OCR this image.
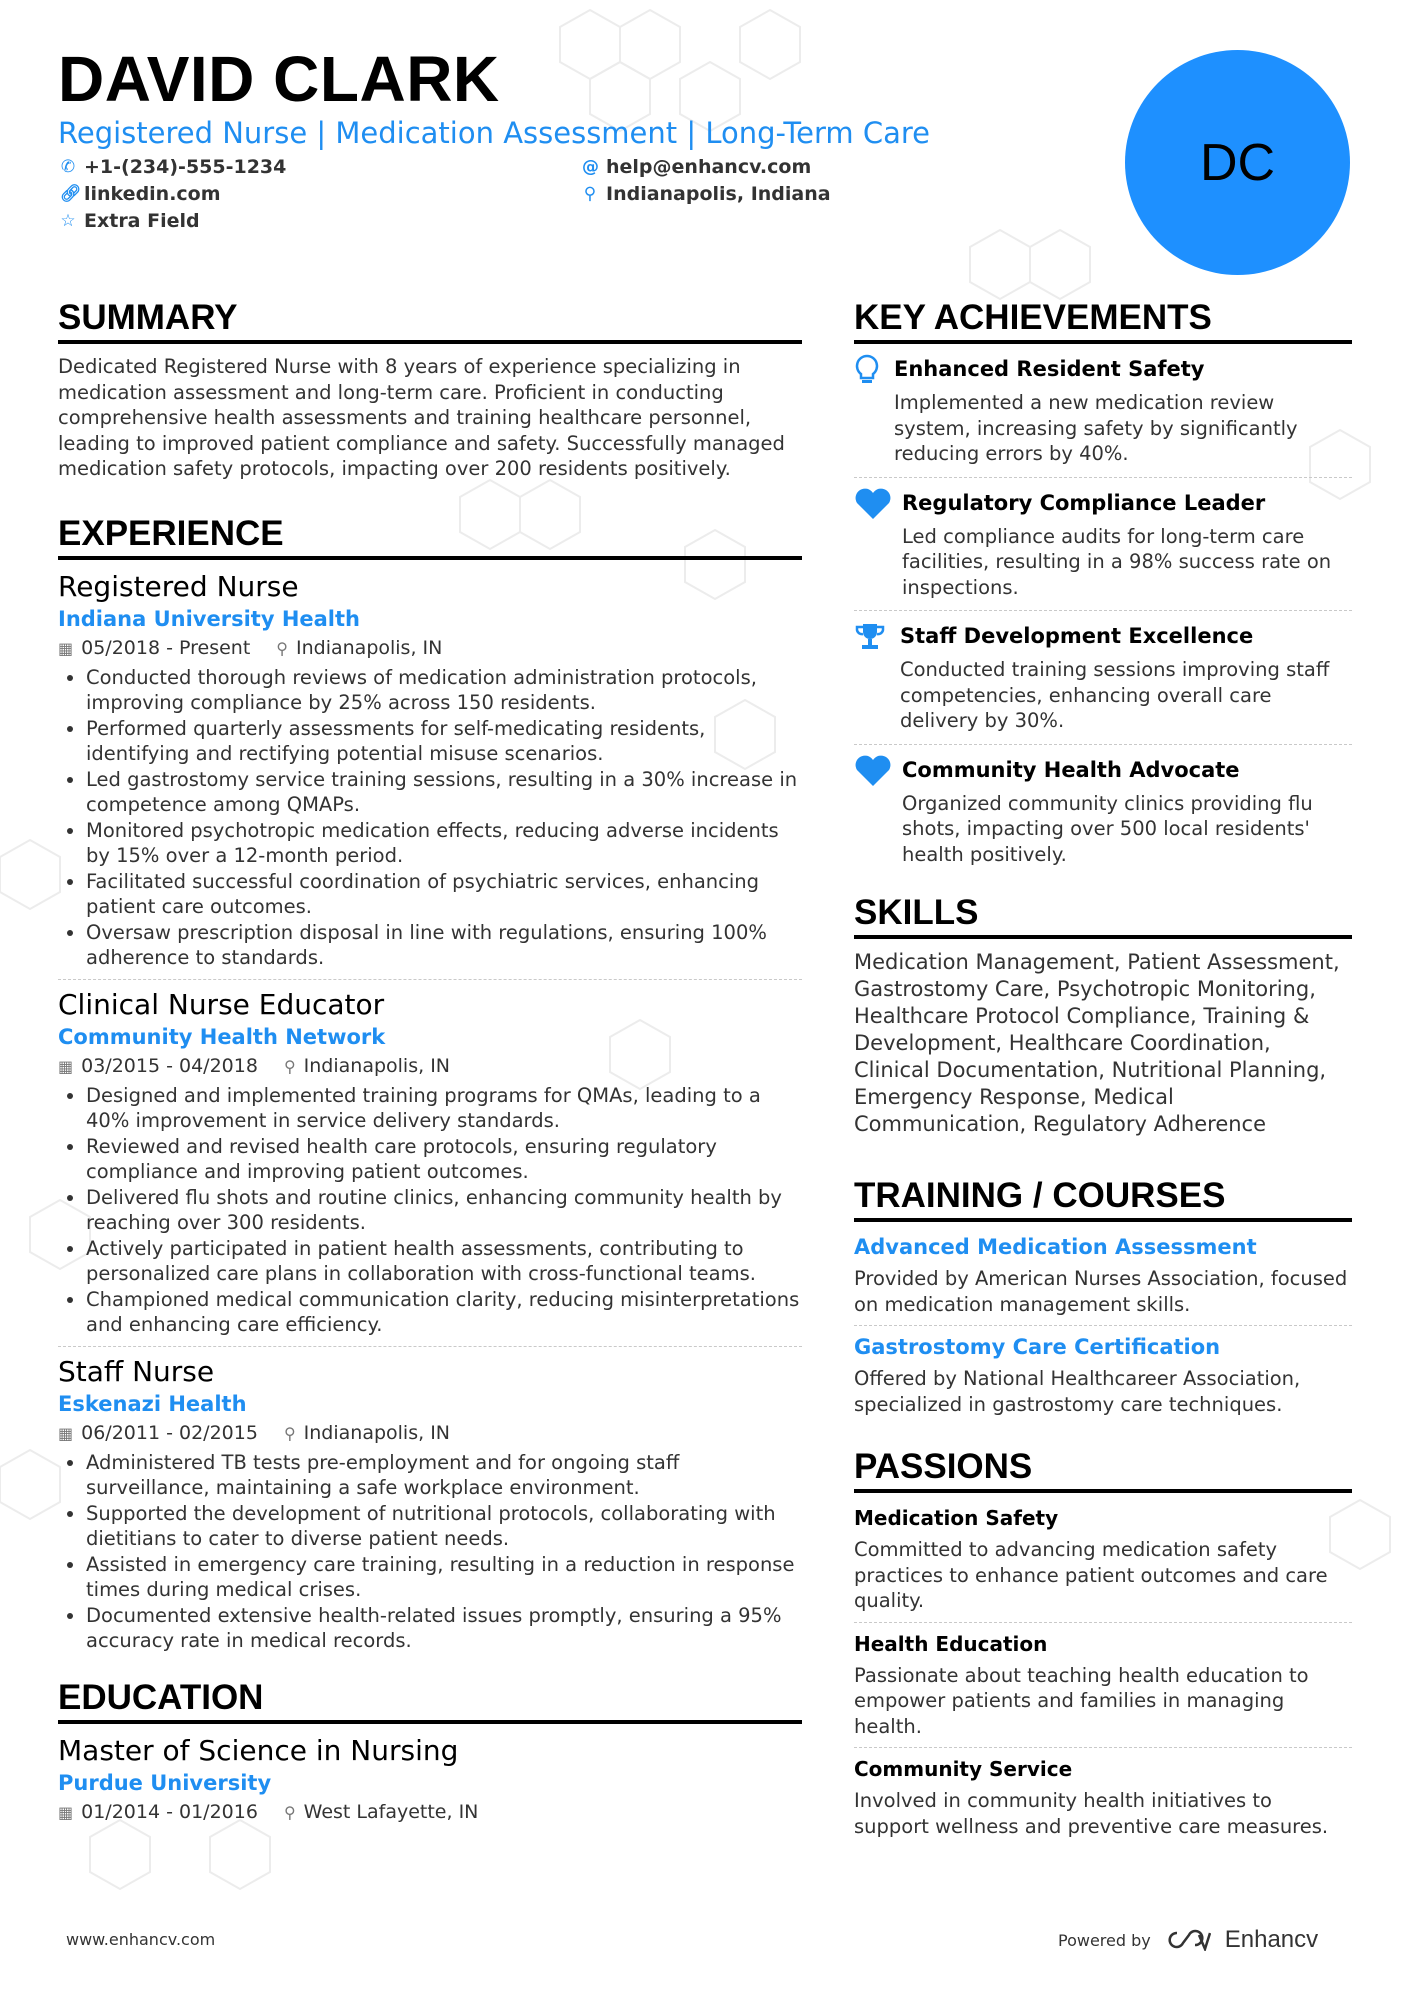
DAVID CLARK
Registered Nurse | Medication Assessment | Long-Term Care
✆ +1-(234)-555-1234	@ help@enhancv.com
🔗︎ linkedin.com	⚲ Indianapolis, Indiana
☆ Extra Field
DC
SUMMARY
Dedicated Registered Nurse with 8 years of experience specializing in medication assessment and long-term care. Proficient in conducting comprehensive health assessments and training healthcare personnel, leading to improved patient compliance and safety. Successfully managed medication safety protocols, impacting over 200 residents positively.
EXPERIENCE
Registered Nurse
Indiana University Health
▦ 05/2018 - Present ⚲ Indianapolis, IN
• Conducted thorough reviews of medication administration protocols, improving compliance by 25% across 150 residents.
• Performed quarterly assessments for self-medicating residents, identifying and rectifying potential misuse scenarios.
• Led gastrostomy service training sessions, resulting in a 30% increase in competence among QMAPs.
• Monitored psychotropic medication effects, reducing adverse incidents by 15% over a 12-month period.
• Facilitated successful coordination of psychiatric services, enhancing patient care outcomes.
• Oversaw prescription disposal in line with regulations, ensuring 100% adherence to standards.
Clinical Nurse Educator
Community Health Network
▦ 03/2015 - 04/2018 ⚲ Indianapolis, IN
• Designed and implemented training programs for QMAs, leading to a 40% improvement in service delivery standards.
• Reviewed and revised health care protocols, ensuring regulatory compliance and improving patient outcomes.
• Delivered flu shots and routine clinics, enhancing community health by reaching over 300 residents.
• Actively participated in patient health assessments, contributing to personalized care plans in collaboration with cross-functional teams.
• Championed medical communication clarity, reducing misinterpretations and enhancing care efficiency.
Staff Nurse
Eskenazi Health
▦ 06/2011 - 02/2015 ⚲ Indianapolis, IN
• Administered TB tests pre-employment and for ongoing staff surveillance, maintaining a safe workplace environment.
• Supported the development of nutritional protocols, collaborating with dietitians to cater to diverse patient needs.
• Assisted in emergency care training, resulting in a reduction in response times during medical crises.
• Documented extensive health-related issues promptly, ensuring a 95% accuracy rate in medical records.
EDUCATION
Master of Science in Nursing
Purdue University
▦ 01/2014 - 01/2016 ⚲ West Lafayette, IN
KEY ACHIEVEMENTS
Enhanced Resident Safety
Implemented a new medication review system, increasing safety by significantly reducing errors by 40%.
Regulatory Compliance Leader
Led compliance audits for long-term care facilities, resulting in a 98% success rate on inspections.
Staff Development Excellence
Conducted training sessions improving staff competencies, enhancing overall care delivery by 30%.
Community Health Advocate
Organized community clinics providing flu shots, impacting over 500 local residents' health positively.
SKILLS
Medication Management, Patient Assessment, Gastrostomy Care, Psychotropic Monitoring, Healthcare Protocol Compliance, Training & Development, Healthcare Coordination, Clinical Documentation, Nutritional Planning, Emergency Response, Medical Communication, Regulatory Adherence
TRAINING / COURSES
Advanced Medication Assessment
Provided by American Nurses Association, focused on medication management skills.
Gastrostomy Care Certification
Offered by National Healthcareer Association, specialized in gastrostomy care techniques.
PASSIONS
Medication Safety
Committed to advancing medication safety practices to enhance patient outcomes and care quality.
Health Education
Passionate about teaching health education to empower patients and families in managing health.
Community Service
Involved in community health initiatives to support wellness and preventive care measures.
www.enhancv.com	Powered by	Enhancv
